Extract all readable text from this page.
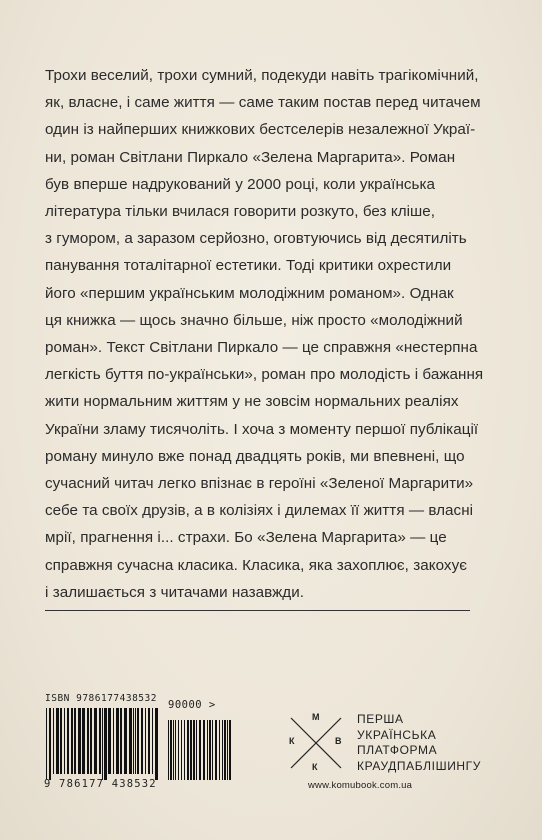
Трохи веселий, трохи сумний, подекуди навіть трагікомічний,
як, власне, і саме життя — саме таким постав перед читачем
один із найперших книжкових бестселерів незалежної Украї-
ни, роман Світлани Пиркало «Зелена Маргарита». Роман
був вперше надрукований у 2000 році, коли українська
література тільки вчилася говорити розкуто, без кліше,
з гумором, а заразом серйозно, оговтуючись від десятиліть
панування тоталітарної естетики. Тоді критики охрестили
його «першим українським молодіжним романом». Однак
ця книжка — щось значно більше, ніж просто «молодіжний
роман». Текст Світлани Пиркало — це справжня «нестерпна
легкість буття по-українськи», роман про молодість і бажання
жити нормальним життям у не зовсім нормальних реаліях
України зламу тисячоліть. І хоча з моменту першої публікації
роману минуло вже понад двадцять років, ми впевнені, що
сучасний читач легко впізнає в героїні «Зеленої Маргарити»
себе та своїх друзів, а в колізіях і дилемах її життя — власні
мрії, прагнення і... страхи. Бо «Зелена Маргарита» — це
справжня сучасна класика. Класика, яка захоплює, закохує
і залишається з читачами назавжди.
ISBN 9786177438532
90000 >
9 786177 438532
М
К	В
К
ПЕРША
УКРАЇНСЬКА
ПЛАТФОРМА
КРАУДПАБЛІШИНГУ
www.komubook.com.ua
